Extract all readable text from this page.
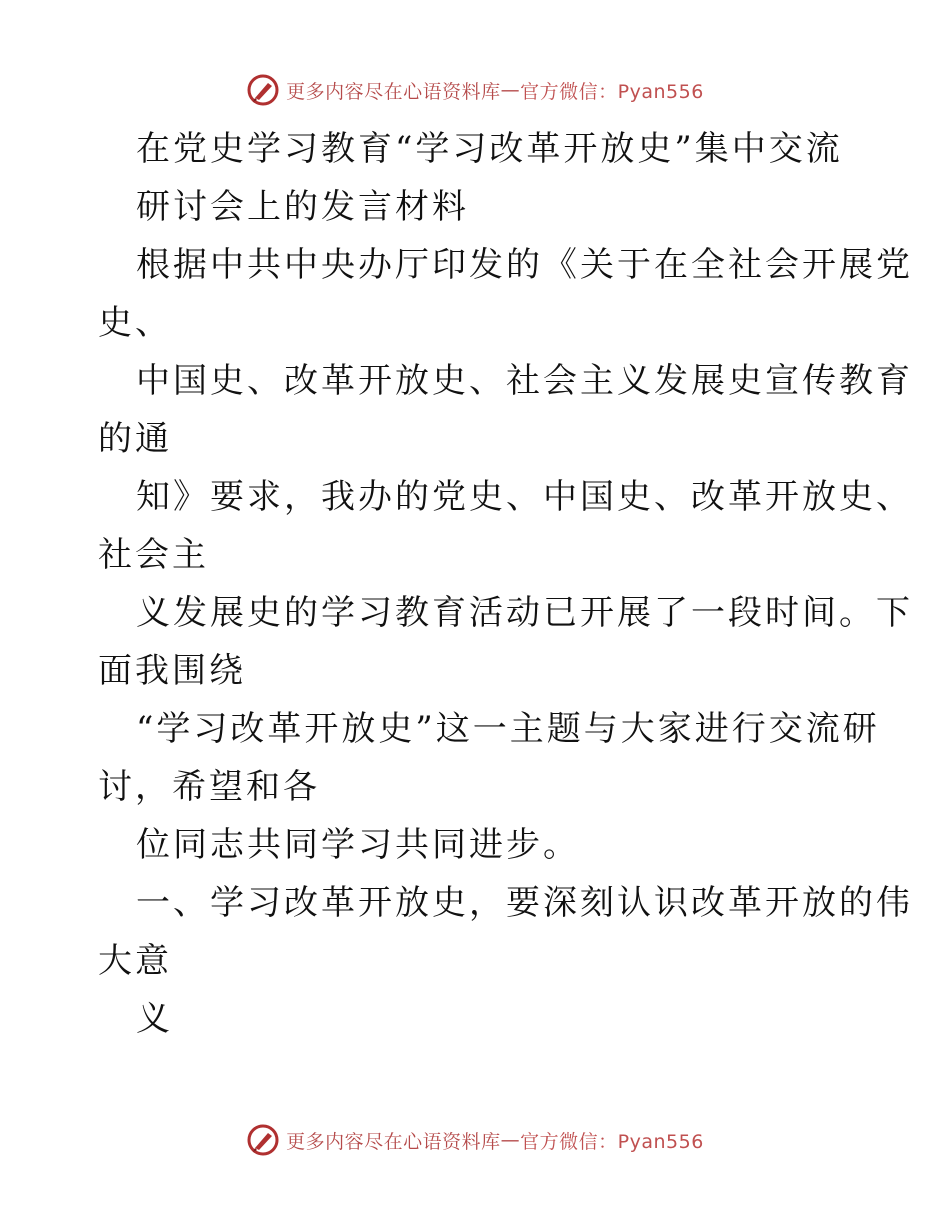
更多内容尽在心语资料库 — 官方微信：Pyan556
在党史学习教育“学习改革开放史”集中交流
研讨会上的发言材料
根据中共中央办厅印发的《关于在全社会开展党
史、
中国史、改革开放史、社会主义发展史宣传教育
的通
知》要求，我办的党史、中国史、改革开放史、
社会主
义发展史的学习教育活动已开展了一段时间。下
面我围绕
“学习改革开放史”这一主题与大家进行交流研
讨，希望和各
位同志共同学习共同进步。
一、学习改革开放史，要深刻认识改革开放的伟
大意
义
更多内容尽在心语资料库 — 官方微信：Pyan556
